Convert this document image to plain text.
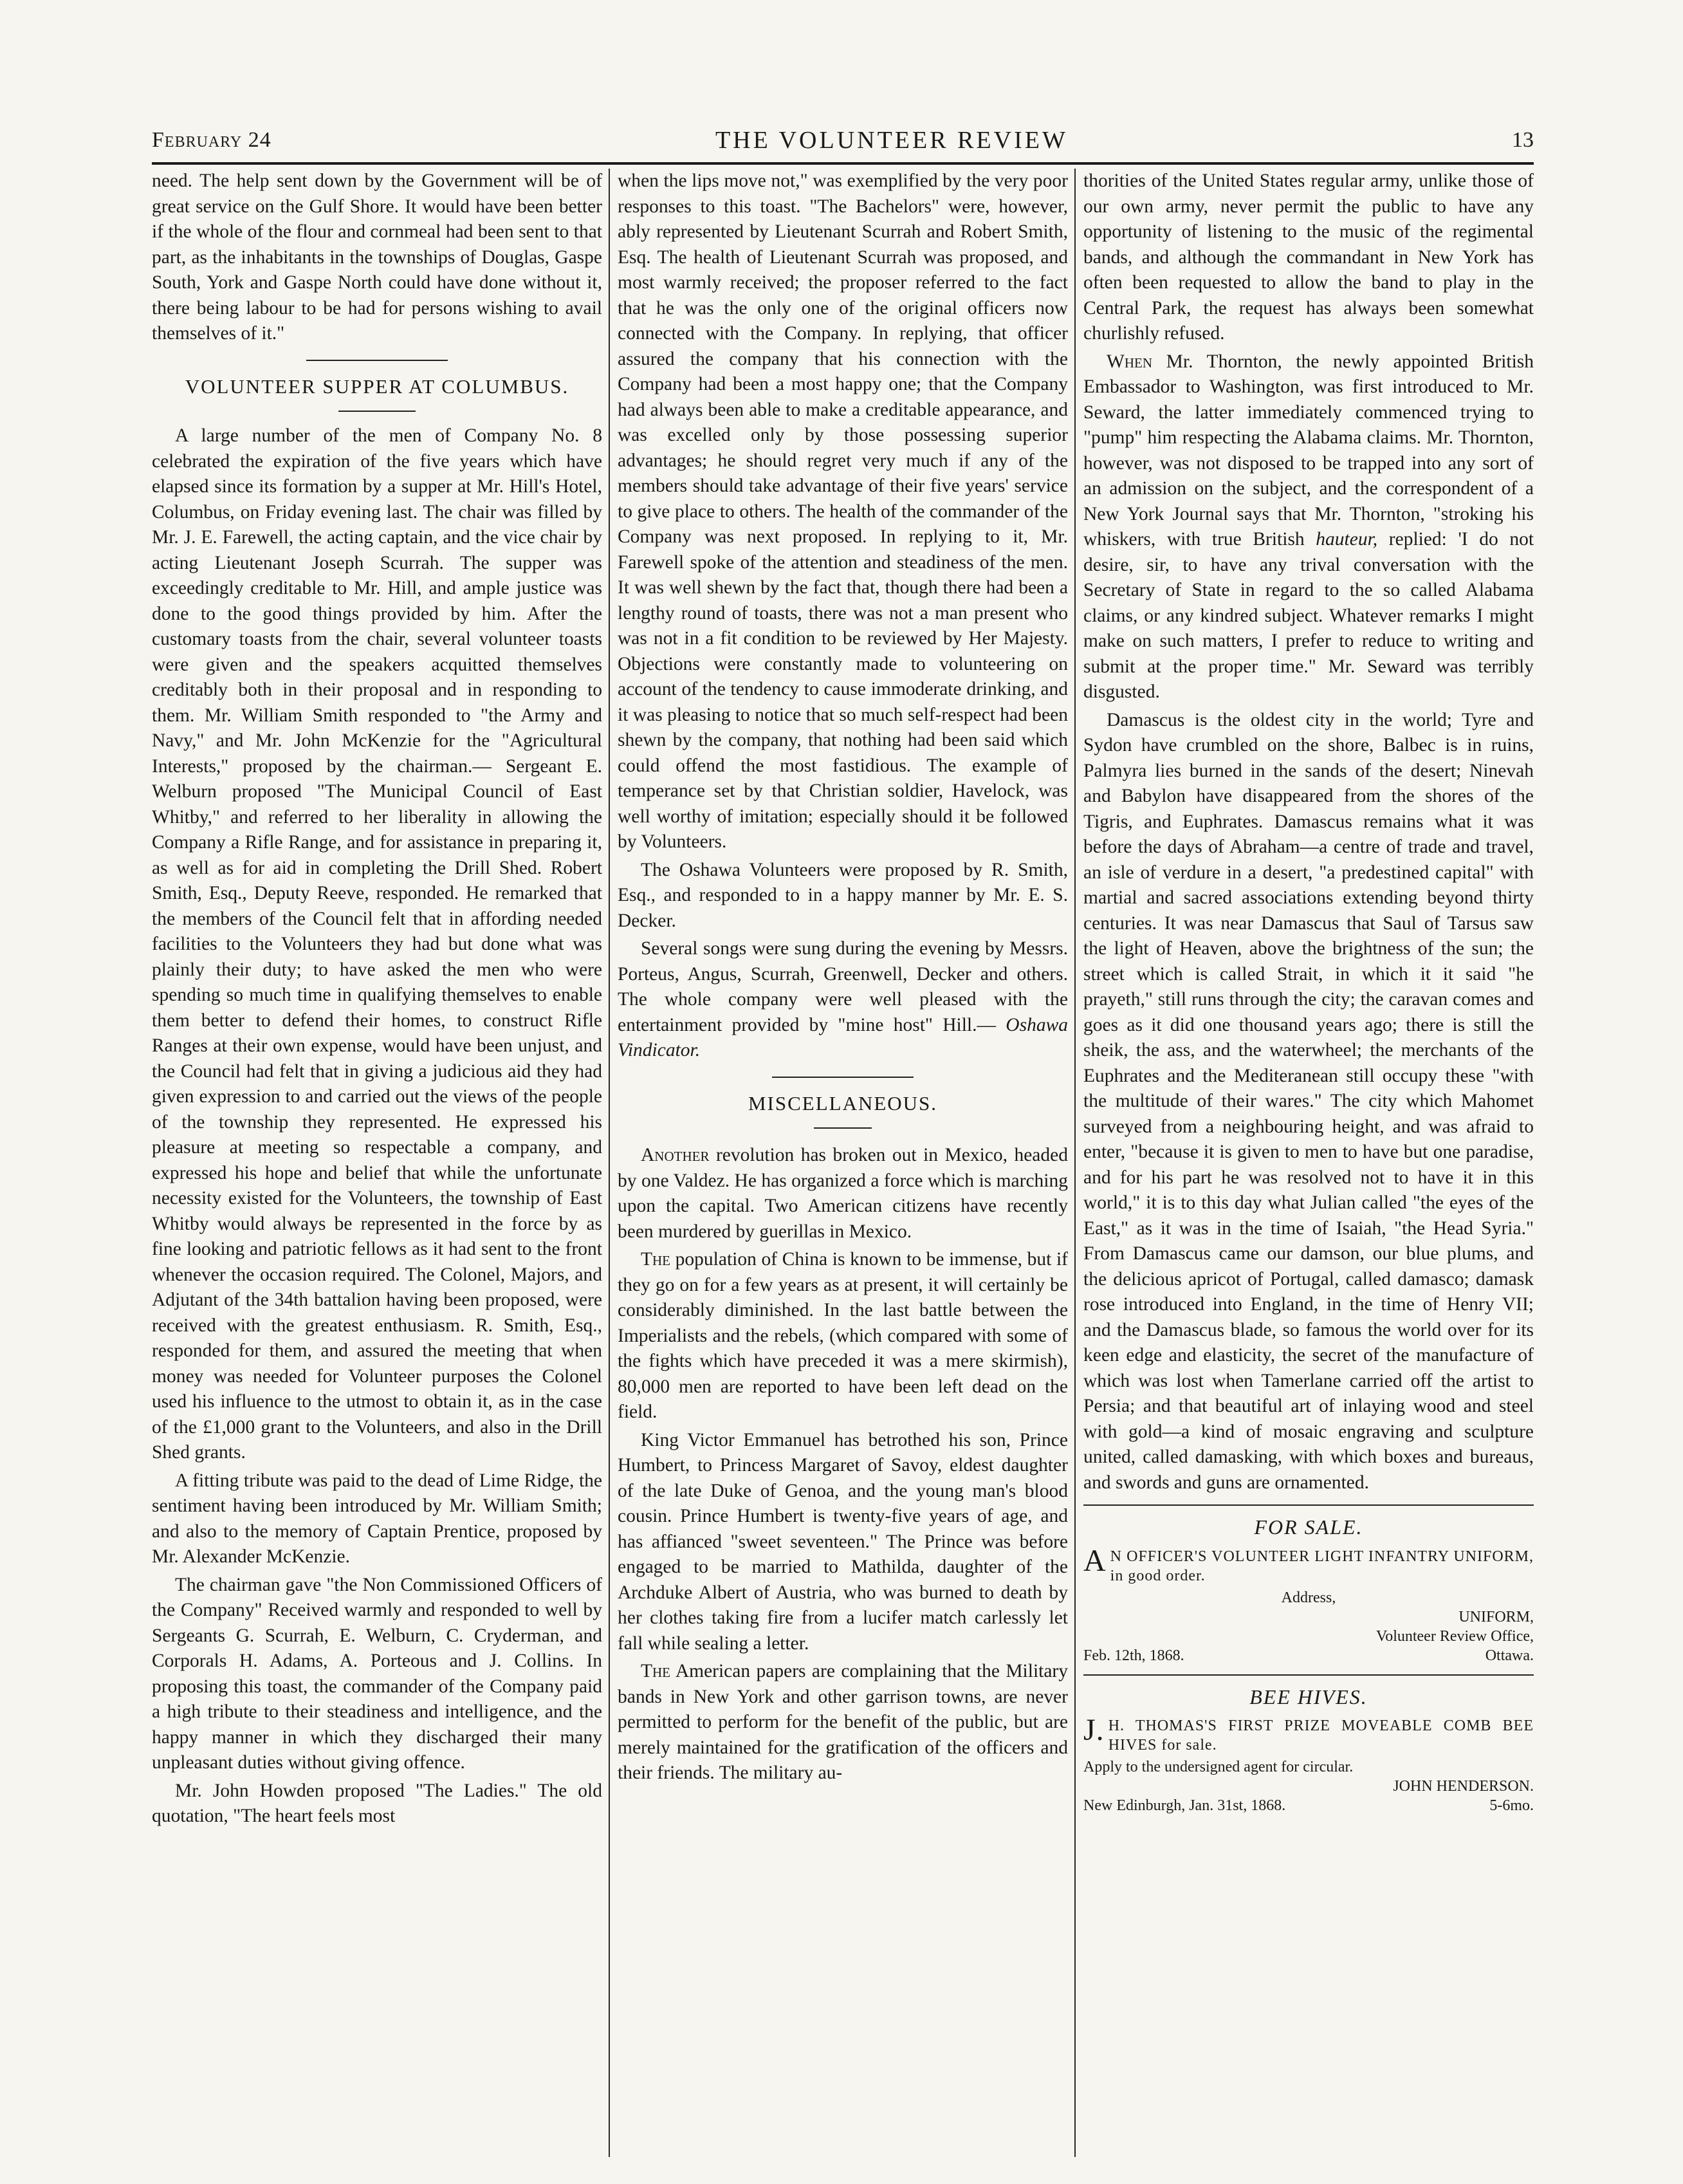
February 24	THE VOLUNTEER REVIEW	13

need. The help sent down by the Government will be of great service on the Gulf Shore. It would have been better if the whole of the flour and cornmeal had been sent to that part, as the inhabitants in the townships of Douglas, Gaspe South, York and Gaspe North could have done without it, there being labour to be had for persons wishing to avail themselves of it."

VOLUNTEER SUPPER AT COLUMBUS.

A large number of the men of Company No. 8 celebrated the expiration of the five years which have elapsed since its formation by a supper at Mr. Hill's Hotel, Columbus, on Friday evening last. The chair was filled by Mr. J. E. Farewell, the acting captain, and the vice chair by acting Lieutenant Joseph Scurrah. The supper was exceedingly creditable to Mr. Hill, and ample justice was done to the good things provided by him. After the customary toasts from the chair, several volunteer toasts were given and the speakers acquitted themselves creditably both in their proposal and in responding to them. Mr. William Smith responded to "the Army and Navy," and Mr. John McKenzie for the "Agricultural Interests," proposed by the chairman.— Sergeant E. Welburn proposed "The Municipal Council of East Whitby," and referred to her liberality in allowing the Company a Rifle Range, and for assistance in preparing it, as well as for aid in completing the Drill Shed. Robert Smith, Esq., Deputy Reeve, responded. He remarked that the members of the Council felt that in affording needed facilities to the Volunteers they had but done what was plainly their duty; to have asked the men who were spending so much time in qualifying themselves to enable them better to defend their homes, to construct Rifle Ranges at their own expense, would have been unjust, and the Council had felt that in giving a judicious aid they had given expression to and carried out the views of the people of the township they represented. He expressed his pleasure at meeting so respectable a company, and expressed his hope and belief that while the unfortunate necessity existed for the Volunteers, the township of East Whitby would always be represented in the force by as fine looking and patriotic fellows as it had sent to the front whenever the occasion required. The Colonel, Majors, and Adjutant of the 34th battalion having been proposed, were received with the greatest enthusiasm. R. Smith, Esq., responded for them, and assured the meeting that when money was needed for Volunteer purposes the Colonel used his influence to the utmost to obtain it, as in the case of the £1,000 grant to the Volunteers, and also in the Drill Shed grants.

A fitting tribute was paid to the dead of Lime Ridge, the sentiment having been introduced by Mr. William Smith; and also to the memory of Captain Prentice, proposed by Mr. Alexander McKenzie.

The chairman gave "the Non Commissioned Officers of the Company" Received warmly and responded to well by Sergeants G. Scurrah, E. Welburn, C. Cryderman, and Corporals H. Adams, A. Porteous and J. Collins. In proposing this toast, the commander of the Company paid a high tribute to their steadiness and intelligence, and the happy manner in which they discharged their many unpleasant duties without giving offence.

Mr. John Howden proposed "The Ladies." The old quotation, "The heart feels most

when the lips move not," was exemplified by the very poor responses to this toast. "The Bachelors" were, however, ably represented by Lieutenant Scurrah and Robert Smith, Esq. The health of Lieutenant Scurrah was proposed, and most warmly received; the proposer referred to the fact that he was the only one of the original officers now connected with the Company. In replying, that officer assured the company that his connection with the Company had been a most happy one; that the Company had always been able to make a creditable appearance, and was excelled only by those possessing superior advantages; he should regret very much if any of the members should take advantage of their five years' service to give place to others. The health of the commander of the Company was next proposed. In replying to it, Mr. Farewell spoke of the attention and steadiness of the men. It was well shewn by the fact that, though there had been a lengthy round of toasts, there was not a man present who was not in a fit condition to be reviewed by Her Majesty. Objections were constantly made to volunteering on account of the tendency to cause immoderate drinking, and it was pleasing to notice that so much self-respect had been shewn by the company, that nothing had been said which could offend the most fastidious. The example of temperance set by that Christian soldier, Havelock, was well worthy of imitation; especially should it be followed by Volunteers.

The Oshawa Volunteers were proposed by R. Smith, Esq., and responded to in a happy manner by Mr. E. S. Decker.

Several songs were sung during the evening by Messrs. Porteus, Angus, Scurrah, Greenwell, Decker and others. The whole company were well pleased with the entertainment provided by "mine host" Hill.— Oshawa Vindicator.

MISCELLANEOUS.

Another revolution has broken out in Mexico, headed by one Valdez. He has organized a force which is marching upon the capital. Two American citizens have recently been murdered by guerillas in Mexico.

The population of China is known to be immense, but if they go on for a few years as at present, it will certainly be considerably diminished. In the last battle between the Imperialists and the rebels, (which compared with some of the fights which have preceded it was a mere skirmish), 80,000 men are reported to have been left dead on the field.

King Victor Emmanuel has betrothed his son, Prince Humbert, to Princess Margaret of Savoy, eldest daughter of the late Duke of Genoa, and the young man's blood cousin. Prince Humbert is twenty-five years of age, and has affianced "sweet seventeen." The Prince was before engaged to be married to Mathilda, daughter of the Archduke Albert of Austria, who was burned to death by her clothes taking fire from a lucifer match carlessly let fall while sealing a letter.

The American papers are complaining that the Military bands in New York and other garrison towns, are never permitted to perform for the benefit of the public, but are merely maintained for the gratification of the officers and their friends. The military au-

thorities of the United States regular army, unlike those of our own army, never permit the public to have any opportunity of listening to the music of the regimental bands, and although the commandant in New York has often been requested to allow the band to play in the Central Park, the request has always been somewhat churlishly refused.

When Mr. Thornton, the newly appointed British Embassador to Washington, was first introduced to Mr. Seward, the latter immediately commenced trying to "pump" him respecting the Alabama claims. Mr. Thornton, however, was not disposed to be trapped into any sort of an admission on the subject, and the correspondent of a New York Journal says that Mr. Thornton, "stroking his whiskers, with true British hauteur, replied: 'I do not desire, sir, to have any trival conversation with the Secretary of State in regard to the so called Alabama claims, or any kindred subject. Whatever remarks I might make on such matters, I prefer to reduce to writing and submit at the proper time." Mr. Seward was terribly disgusted.

Damascus is the oldest city in the world; Tyre and Sydon have crumbled on the shore, Balbec is in ruins, Palmyra lies burned in the sands of the desert; Ninevah and Babylon have disappeared from the shores of the Tigris, and Euphrates. Damascus remains what it was before the days of Abraham—a centre of trade and travel, an isle of verdure in a desert, "a predestined capital" with martial and sacred associations extending beyond thirty centuries. It was near Damascus that Saul of Tarsus saw the light of Heaven, above the brightness of the sun; the street which is called Strait, in which it it said "he prayeth," still runs through the city; the caravan comes and goes as it did one thousand years ago; there is still the sheik, the ass, and the waterwheel; the merchants of the Euphrates and the Mediteranean still occupy these "with the multitude of their wares." The city which Mahomet surveyed from a neighbouring height, and was afraid to enter, "because it is given to men to have but one paradise, and for his part he was resolved not to have it in this world," it is to this day what Julian called "the eyes of the East," as it was in the time of Isaiah, "the Head Syria." From Damascus came our damson, our blue plums, and the delicious apricot of Portugal, called damasco; damask rose introduced into England, in the time of Henry VII; and the Damascus blade, so famous the world over for its keen edge and elasticity, the secret of the manufacture of which was lost when Tamerlane carried off the artist to Persia; and that beautiful art of inlaying wood and steel with gold—a kind of mosaic engraving and sculpture united, called damasking, with which boxes and bureaus, and swords and guns are ornamented.

FOR SALE.

A N OFFICER'S VOLUNTEER LIGHT INFANTRY UNIFORM, in good order.

Address,
UNIFORM,
Volunteer Review Office,
Feb. 12th, 1868.	Ottawa.
BEE HIVES.

J. H. THOMAS'S FIRST PRIZE MOVEABLE COMB BEE HIVES for sale.

Apply to the undersigned agent for circular.
JOHN HENDERSON.
New Edinburgh, Jan. 31st, 1868.	5-6mo.
